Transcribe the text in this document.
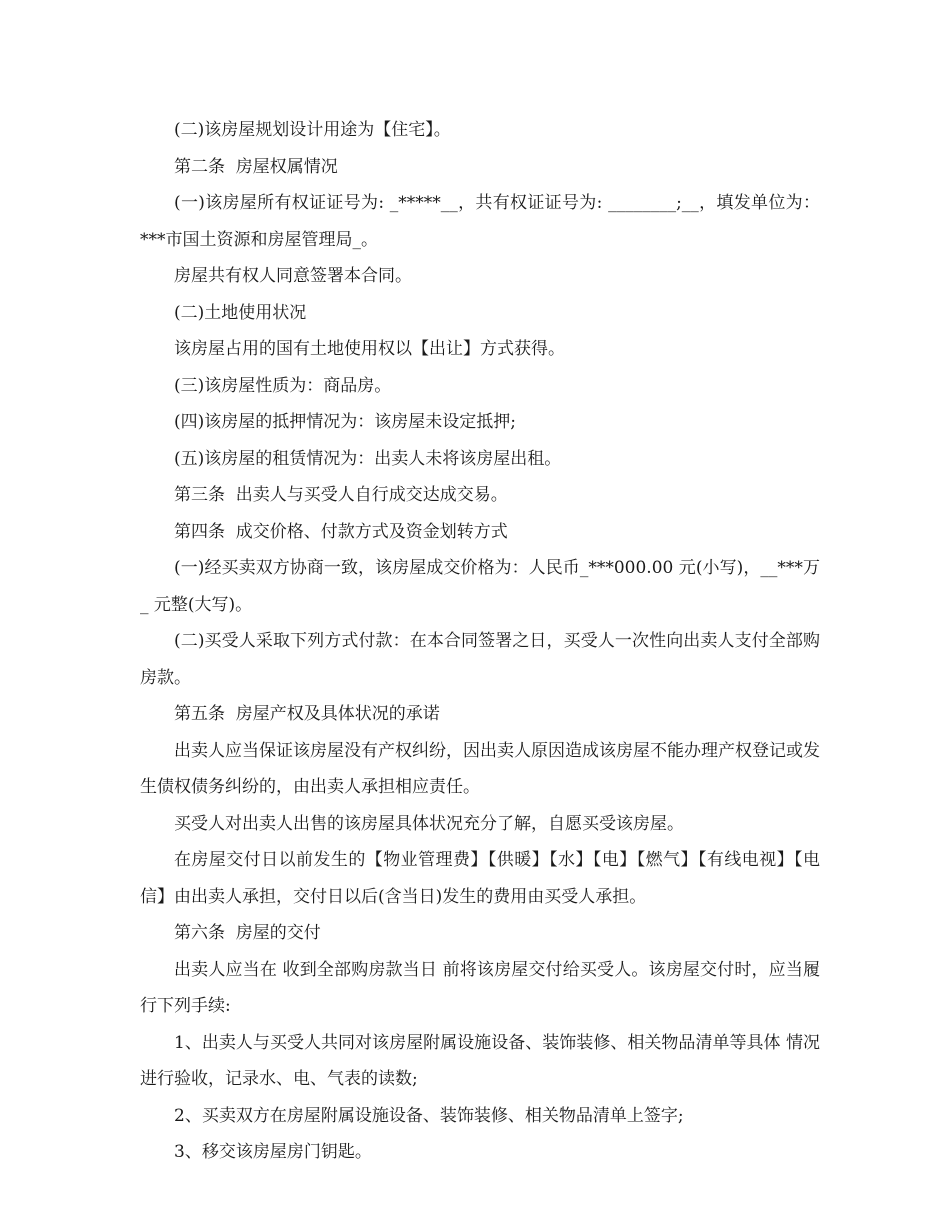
(二)该房屋规划设计用途为【住宅】。

第二条  房屋权属情况

(一)该房屋所有权证证号为: _*****__，共有权证证号为: ________;__，填发单位为：***市国土资源和房屋管理局_。

房屋共有权人同意签署本合同。

(二)土地使用状况

该房屋占用的国有土地使用权以【出让】方式获得。

(三)该房屋性质为：商品房。

(四)该房屋的抵押情况为：该房屋未设定抵押;

(五)该房屋的租赁情况为：出卖人未将该房屋出租。

第三条  出卖人与买受人自行成交达成交易。

第四条  成交价格、付款方式及资金划转方式

(一)经买卖双方协商一致，该房屋成交价格为：人民币_***000.00 元(小写)，__***万_ 元整(大写)。

(二)买受人采取下列方式付款：在本合同签署之日，买受人一次性向出卖人支付全部购房款。

第五条  房屋产权及具体状况的承诺

出卖人应当保证该房屋没有产权纠纷，因出卖人原因造成该房屋不能办理产权登记或发生债权债务纠纷的，由出卖人承担相应责任。

买受人对出卖人出售的该房屋具体状况充分了解，自愿买受该房屋。

在房屋交付日以前发生的【物业管理费】【供暖】【水】【电】【燃气】【有线电视】【电信】由出卖人承担，交付日以后(含当日)发生的费用由买受人承担。

第六条  房屋的交付

出卖人应当在 收到全部购房款当日 前将该房屋交付给买受人。该房屋交付时，应当履行下列手续:

1、出卖人与买受人共同对该房屋附属设施设备、装饰装修、相关物品清单等具体 情况进行验收，记录水、电、气表的读数;

2、买卖双方在房屋附属设施设备、装饰装修、相关物品清单上签字;

3、移交该房屋房门钥匙。
